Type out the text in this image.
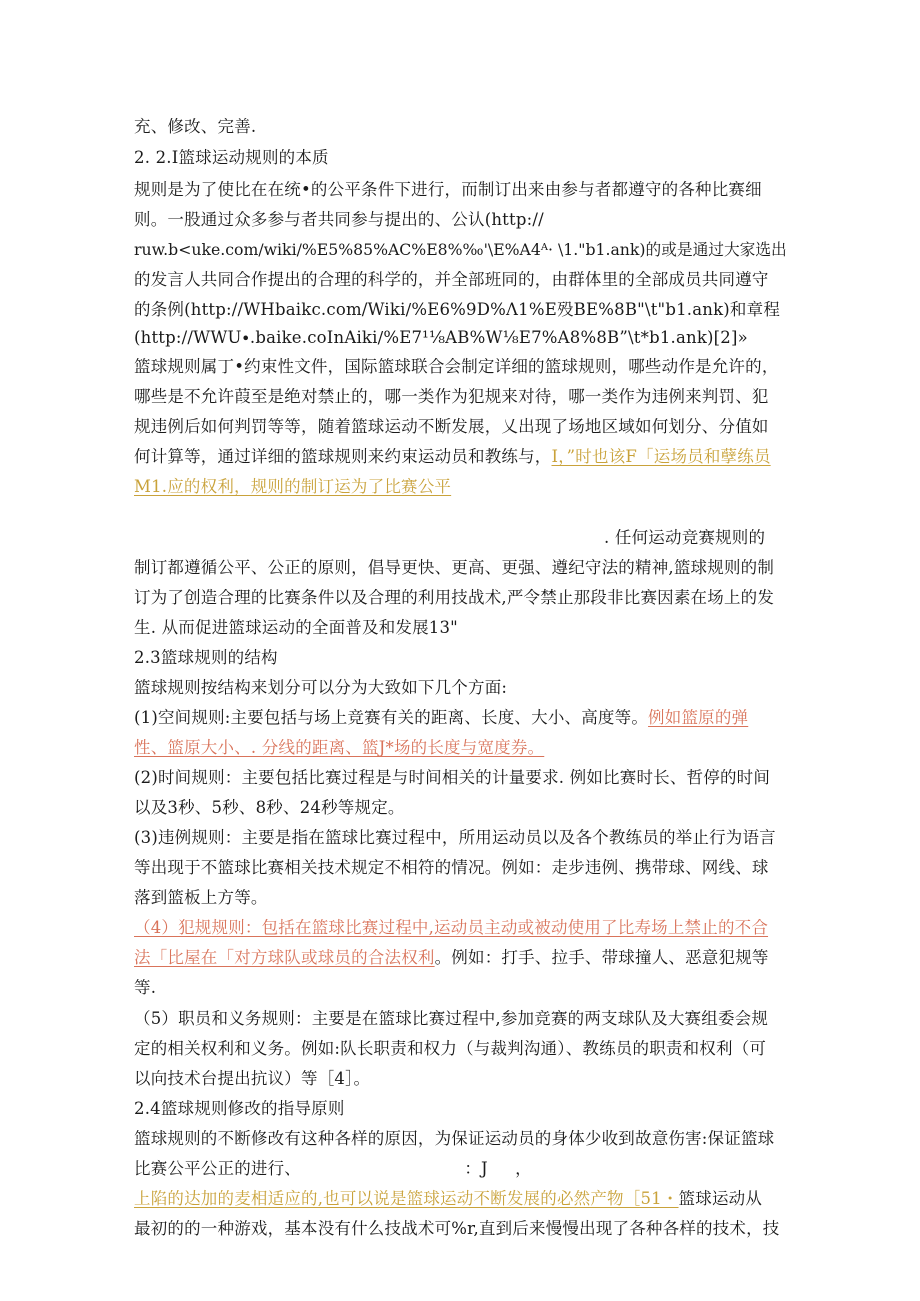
充、修改、完善.

2. 2.I篮球运动规则的本质

规则是为了使比在在统•的公平条件下进行，而制订出来由参与者都遵守的各种比赛细

则。一股通过众多参与者共同参与提出的、公认(http://

ruw.b<uke.com/wiki/%E5%85%AC%E8%‰'\E%A4ᴬ· \1."b1.ank)的或是通过大家选出

的发言人共同合作提出的合理的科学的，并全部班同的，由群体里的全部成员共同遵守

的条例(http://WHbaikc.com/Wiki∕%E6%9D%Λ1%E殁BE%8B"\t"b1.ank)和章程

(http://WWU∙.baike.coInAiki∕%E7¹⅛AB%W⅛E7%A8%8B”\t*b1.ank)[2]»

篮球规则属丁•约束性文件，国际篮球联合会制定详细的篮球规则，哪些动作是允许的，

哪些是不允许葭至是绝对禁止的，哪一类作为犯规来对待，哪一类作为违例来判罚、犯

规违例后如何判罚等等，随着篮球运动不断发展，乂出现了场地区域如何划分、分值如

何计算等，通过详细的篮球规则来约束运动员和教练与，I，”时也该F「运场员和孽练员

M1.应的权利，规则的制订运为了比赛公平

. 任何运动竞赛规则的

制订都遵循公平、公正的原则，倡导更快、更高、更强、遵纪守法的精神,篮球规则的制

订为了创造合理的比赛条件以及合理的利用技战术,严令禁止那段非比赛因素在场上的发

生. 从而促进篮球运动的全面普及和发展13"

2.3篮球规则的结构

篮球规则按结构来划分可以分为大致如下几个方面:

(1)空间规则:主要包括与场上竞赛有关的距离、长度、大小、高度等。例如篮原的弹

性、篮原大小、. 分线的距离、篮J*场的长度与宽度券。

(2)时间规则：主要包括比赛过程是与时间相关的计量要求. 例如比赛时长、哲停的时间

以及3秒、5秒、8秒、24秒等规定。

(3)违例规则：主要是指在篮球比赛过程中，所用运动员以及各个教练员的举止行为语言

等出现于不篮球比赛相关技术规定不相符的情况。例如：走步违例、携带球、网线、球

落到篮板上方等。

（4）犯规规则：包括在篮球比赛过程中,运动员主动或被动使用了比寿场上禁止的不合

法「比屋在「对方球队或球员的合法权利。例如：打手、拉手、带球撞人、恶意犯规等

等.

（5）职员和义务规则：主要是在篮球比赛过程中,参加竞赛的两支球队及大赛组委会规

定的相关权利和义务。例如:队长职责和权力（与裁判沟通）、教练员的职责和权利（可

以向技术台提出抗议）等［4］。

2.4篮球规则修改的指导原则

篮球规则的不断修改有这种各样的原因，为保证运动员的身体少收到故意伤害:保证篮球

比赛公平公正的进行、                              ：J     ，

上陷的达加的麦相适应的,也可以说是篮球运动不断发展的必然产物［51・篮球运动从

最初的的一种游戏，基本没有什么技战术可%r,直到后来慢慢出现了各种各样的技术，技
